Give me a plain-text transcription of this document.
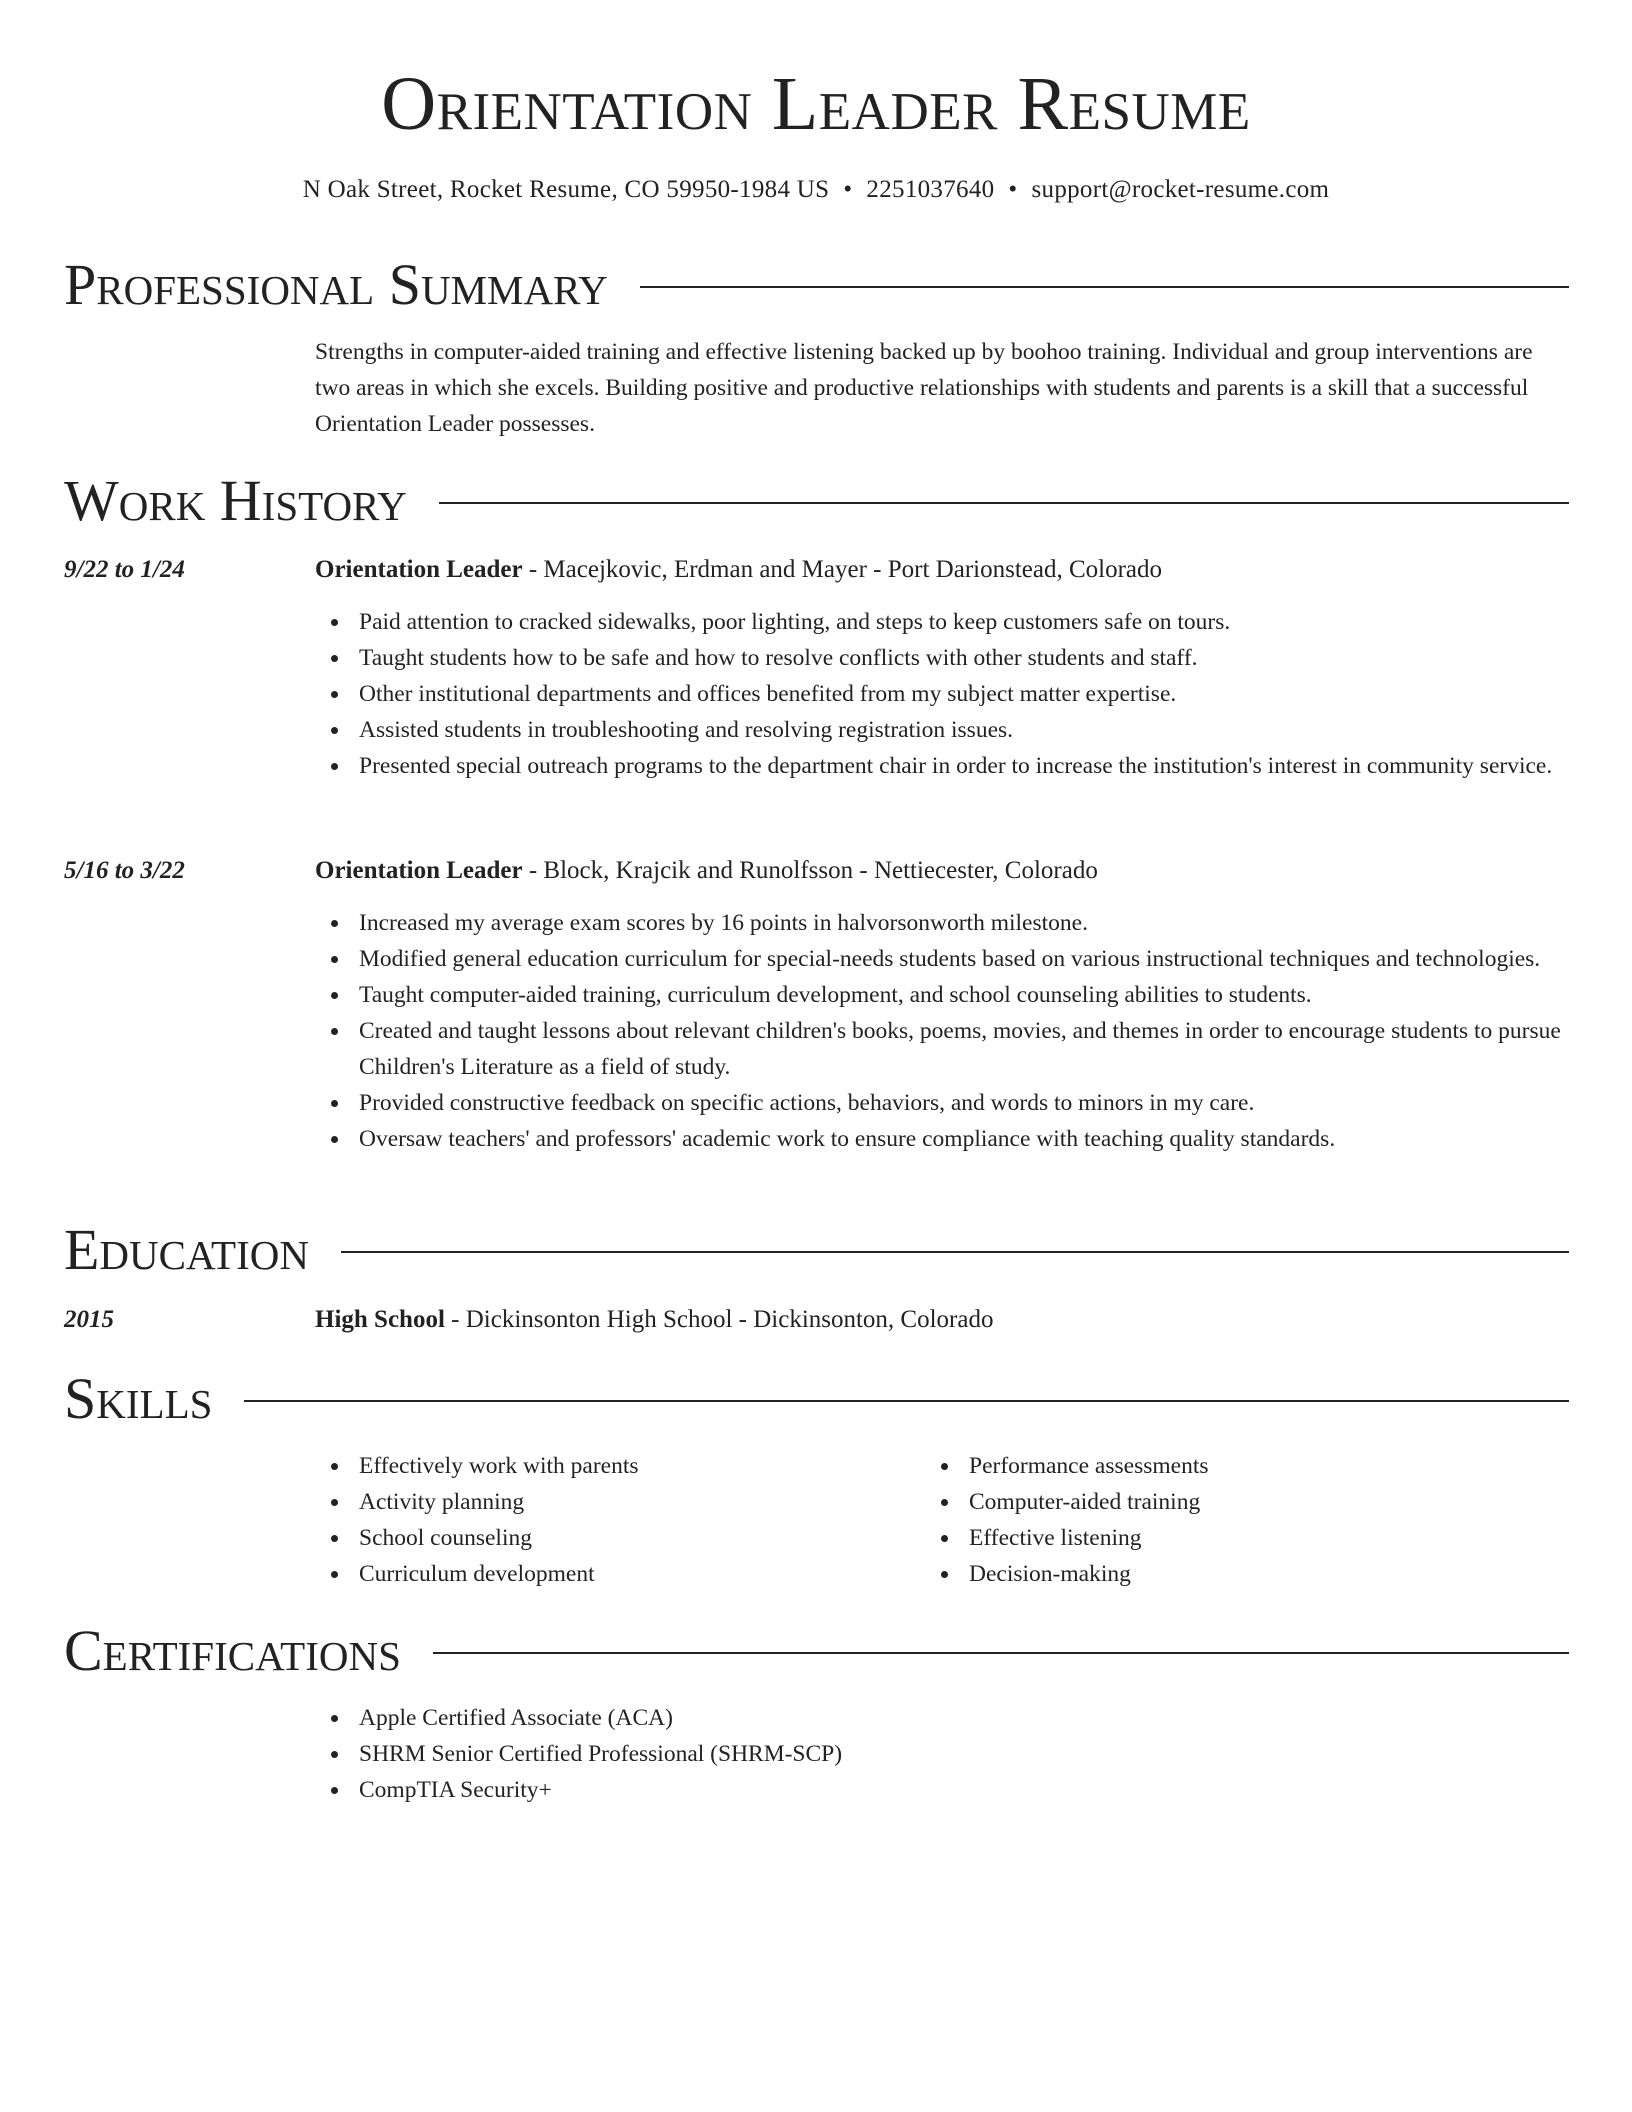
Orientation Leader Resume
N Oak Street, Rocket Resume, CO 59950-1984 US • 2251037640 • support@rocket-resume.com
Professional Summary

Strengths in computer-aided training and effective listening backed up by boohoo training. Individual and group interventions are two areas in which she excels. Building positive and productive relationships with students and parents is a skill that a successful Orientation Leader possesses.

Work History
9/22 to 1/24	Orientation Leader - Macejkovic, Erdman and Mayer - Port Darionstead, Colorado
Paid attention to cracked sidewalks, poor lighting, and steps to keep customers safe on tours.
Taught students how to be safe and how to resolve conflicts with other students and staff.
Other institutional departments and offices benefited from my subject matter expertise.
Assisted students in troubleshooting and resolving registration issues.
Presented special outreach programs to the department chair in order to increase the institution's interest in community service.
5/16 to 3/22	Orientation Leader - Block, Krajcik and Runolfsson - Nettiecester, Colorado
Increased my average exam scores by 16 points in halvorsonworth milestone.
Modified general education curriculum for special-needs students based on various instructional techniques and technologies.
Taught computer-aided training, curriculum development, and school counseling abilities to students.
Created and taught lessons about relevant children's books, poems, movies, and themes in order to encourage students to pursue Children's Literature as a field of study.
Provided constructive feedback on specific actions, behaviors, and words to minors in my care.
Oversaw teachers' and professors' academic work to ensure compliance with teaching quality standards.
Education
2015	High School - Dickinsonton High School - Dickinsonton, Colorado
Skills
Effectively work with parents
Activity planning
School counseling
Curriculum development
Performance assessments
Computer-aided training
Effective listening
Decision-making
Certifications
Apple Certified Associate (ACA)
SHRM Senior Certified Professional (SHRM-SCP)
CompTIA Security+
